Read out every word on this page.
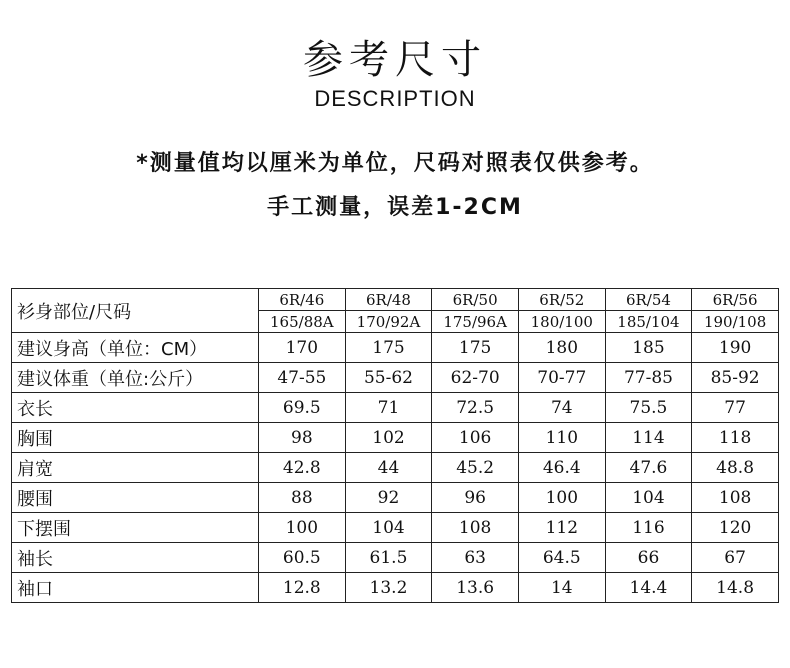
参考尺寸
DESCRIPTION
*测量值均以厘米为单位，尺码对照表仅供参考。
手工测量，误差1-2CM
衫身部位/尺码	6R/46	6R/48	6R/50	6R/52	6R/54	6R/56
	165/88A	170/92A	175/96A	180/100	185/104	190/108
建议身高（单位：CM）	170	175	175	180	185	190
建议体重（单位:公斤）	47-55	55-62	62-70	70-77	77-85	85-92
衣长	69.5	71	72.5	74	75.5	77
胸围	98	102	106	110	114	118
肩宽	42.8	44	45.2	46.4	47.6	48.8
腰围	88	92	96	100	104	108
下摆围	100	104	108	112	116	120
袖长	60.5	61.5	63	64.5	66	67
袖口	12.8	13.2	13.6	14	14.4	14.8
